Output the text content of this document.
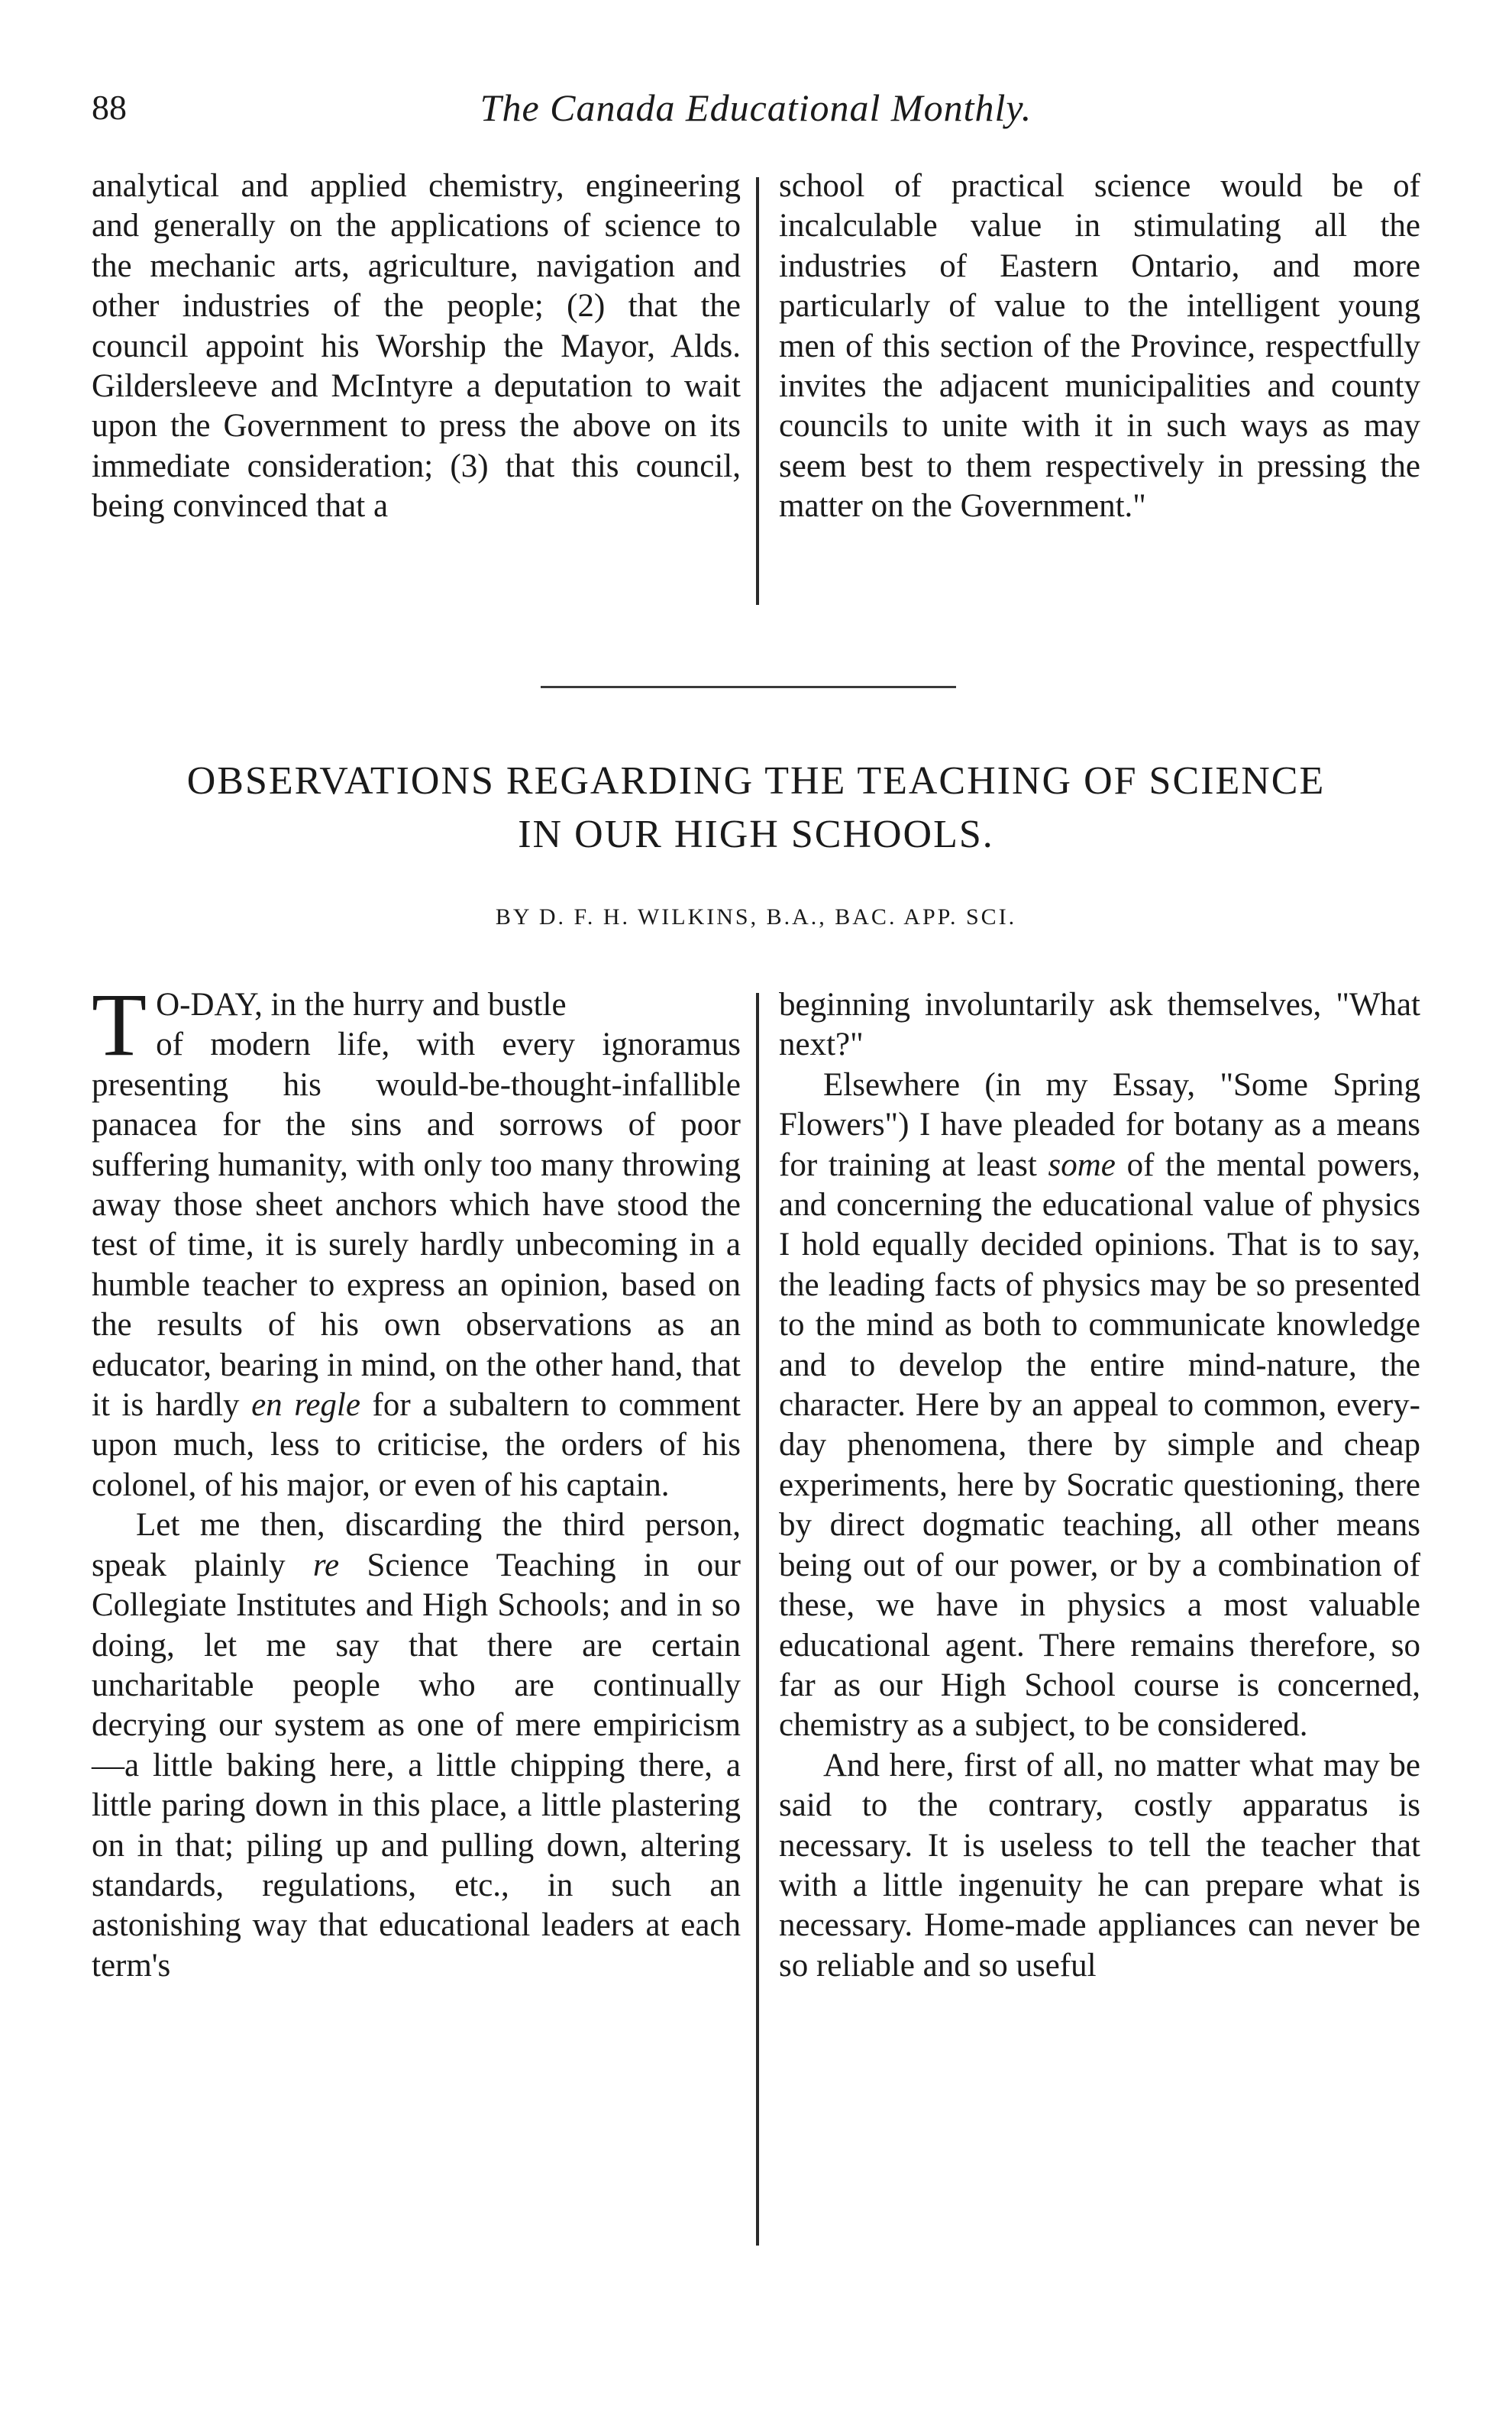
88	The Canada Educational Monthly.

analytical and applied chemistry, engineering and generally on the applications of science to the mechanic arts, agriculture, navigation and other industries of the people; (2) that the council appoint his Worship the Mayor, Alds. Gildersleeve and McIntyre a deputation to wait upon the Government to press the above on its immediate consideration; (3) that this council, being convinced that a

school of practical science would be of incalculable value in stimulating all the industries of Eastern Ontario, and more particularly of value to the intelligent young men of this section of the Province, respectfully invites the adjacent municipalities and county councils to unite with it in such ways as may seem best to them respectively in pressing the matter on the Government."

OBSERVATIONS REGARDING THE TEACHING OF SCIENCE

IN OUR HIGH SCHOOLS.

BY D. F. H. WILKINS, B.A., BAC. APP. SCI.

T O-DAY, in the hurry and bustle
of modern life, with every ignoramus presenting his would-be-thought-infallible panacea for the sins and sorrows of poor suffering humanity, with only too many throwing away those sheet anchors which have stood the test of time, it is surely hardly unbecoming in a humble teacher to express an opinion, based on the results of his own observations as an educator, bearing in mind, on the other hand, that it is hardly en regle for a subaltern to comment upon much, less to criticise, the orders of his colonel, of his major, or even of his captain.

Let me then, discarding the third person, speak plainly re Science Teaching in our Collegiate Institutes and High Schools; and in so doing, let me say that there are certain uncharitable people who are continually decrying our system as one of mere empiricism—a little baking here, a little chipping there, a little paring down in this place, a little plastering on in that; piling up and pulling down, altering standards, regulations, etc., in such an astonishing way that educational leaders at each term's

beginning involuntarily ask themselves, "What next?"

Elsewhere (in my Essay, "Some Spring Flowers") I have pleaded for botany as a means for training at least some of the mental powers, and concerning the educational value of physics I hold equally decided opinions. That is to say, the leading facts of physics may be so presented to the mind as both to communicate knowledge and to develop the entire mind-nature, the character. Here by an appeal to common, every-day phenomena, there by simple and cheap experiments, here by Socratic questioning, there by direct dogmatic teaching, all other means being out of our power, or by a combination of these, we have in physics a most valuable educational agent. There remains therefore, so far as our High School course is concerned, chemistry as a subject, to be considered.

And here, first of all, no matter what may be said to the contrary, costly apparatus is necessary. It is useless to tell the teacher that with a little ingenuity he can prepare what is necessary. Home-made appliances can never be so reliable and so useful
